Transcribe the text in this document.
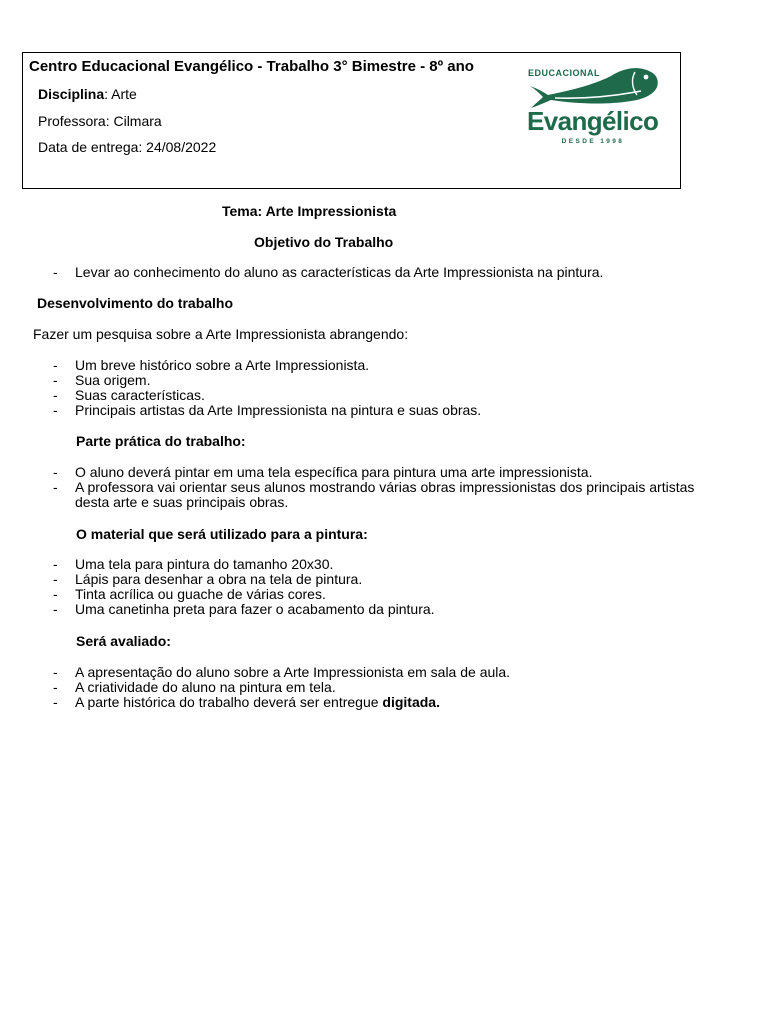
Centro Educacional Evangélico - Trabalho 3° Bimestre - 8º ano
Disciplina: Arte
Professora: Cilmara
Data de entrega: 24/08/2022
EDUCACIONAL
Evangélico
DESDE 1998
Tema: Arte Impressionista
Objetivo do Trabalho
- Levar ao conhecimento do aluno as características da Arte Impressionista na pintura.
Desenvolvimento do trabalho
Fazer um pesquisa sobre a Arte Impressionista abrangendo:
- Um breve histórico sobre a Arte Impressionista.
- Sua origem.
- Suas características.
- Principais artistas da Arte Impressionista na pintura e suas obras.
Parte prática do trabalho:
- O aluno deverá pintar em uma tela específica para pintura uma arte impressionista.
- A professora vai orientar seus alunos mostrando várias obras impressionistas dos principais artistas desta arte e suas principais obras.
O material que será utilizado para a pintura:
- Uma tela para pintura do tamanho 20x30.
- Lápis para desenhar a obra na tela de pintura.
- Tinta acrílica ou guache de várias cores.
- Uma canetinha preta para fazer o acabamento da pintura.
Será avaliado:
- A apresentação do aluno sobre a Arte Impressionista em sala de aula.
- A criatividade do aluno na pintura em tela.
- A parte histórica do trabalho deverá ser entregue digitada.
